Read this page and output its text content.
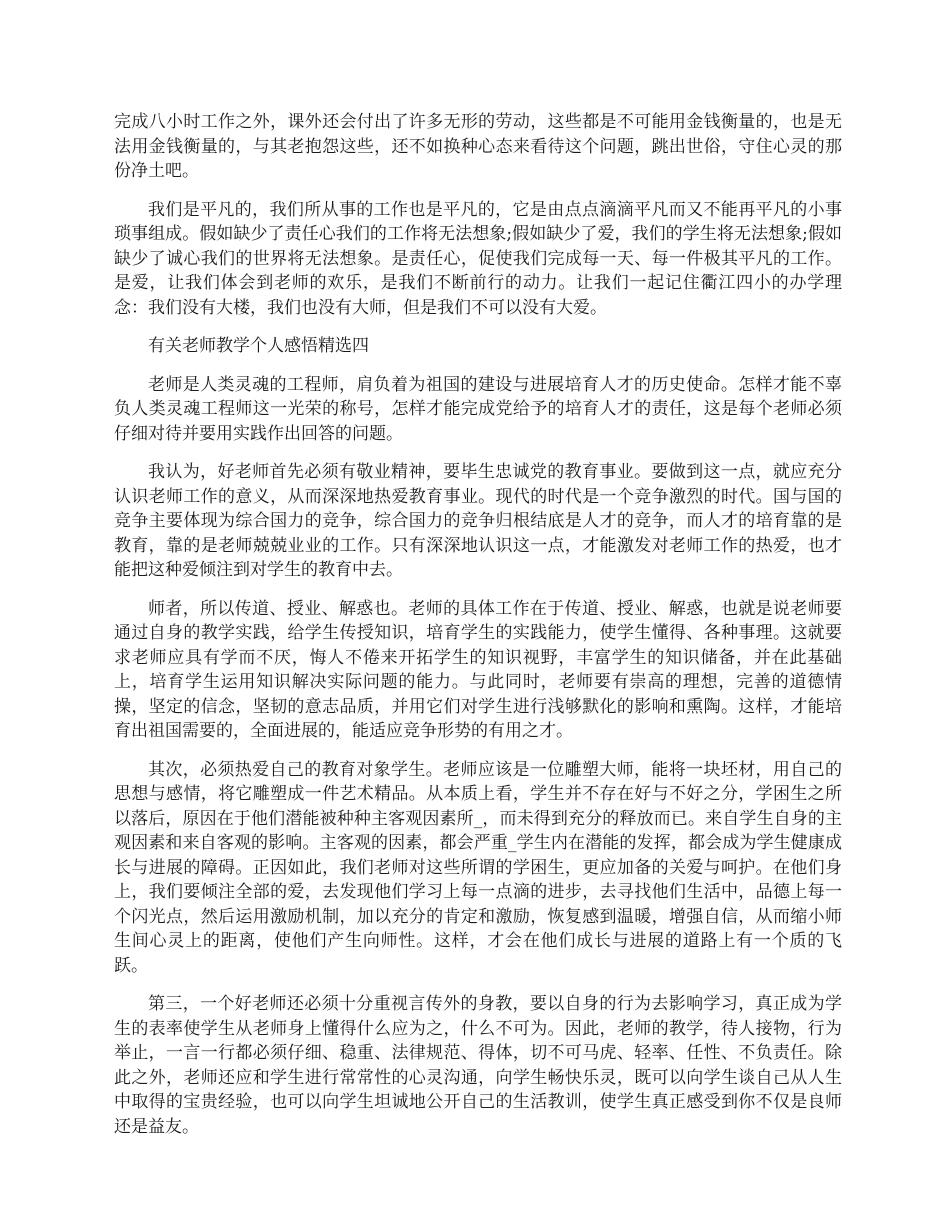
完成八小时工作之外，课外还会付出了许多无形的劳动，这些都是不可能用金钱衡量的，也是无法用金钱衡量的，与其老抱怨这些，还不如换种心态来看待这个问题，跳出世俗，守住心灵的那份净土吧。

我们是平凡的，我们所从事的工作也是平凡的，它是由点点滴滴平凡而又不能再平凡的小事琐事组成。假如缺少了责任心我们的工作将无法想象;假如缺少了爱，我们的学生将无法想象;假如缺少了诚心我们的世界将无法想象。是责任心，促使我们完成每一天、每一件极其平凡的工作。是爱，让我们体会到老师的欢乐，是我们不断前行的动力。让我们一起记住衢江四小的办学理念：我们没有大楼，我们也没有大师，但是我们不可以没有大爱。

有关老师教学个人感悟精选四

老师是人类灵魂的工程师，肩负着为祖国的建设与进展培育人才的历史使命。怎样才能不辜负人类灵魂工程师这一光荣的称号，怎样才能完成党给予的培育人才的责任，这是每个老师必须仔细对待并要用实践作出回答的问题。

我认为，好老师首先必须有敬业精神，要毕生忠诚党的教育事业。要做到这一点，就应充分认识老师工作的意义，从而深深地热爱教育事业。现代的时代是一个竞争激烈的时代。国与国的竞争主要体现为综合国力的竞争，综合国力的竞争归根结底是人才的竞争，而人才的培育靠的是教育，靠的是老师兢兢业业的工作。只有深深地认识这一点，才能激发对老师工作的热爱，也才能把这种爱倾注到对学生的教育中去。

师者，所以传道、授业、解惑也。老师的具体工作在于传道、授业、解惑，也就是说老师要通过自身的教学实践，给学生传授知识，培育学生的实践能力，使学生懂得、各种事理。这就要求老师应具有学而不厌，悔人不倦来开拓学生的知识视野，丰富学生的知识储备，并在此基础上，培育学生运用知识解决实际问题的能力。与此同时，老师要有崇高的理想，完善的道德情操，坚定的信念，坚韧的意志品质，并用它们对学生进行浅够默化的影响和熏陶。这样，才能培育出祖国需要的，全面进展的，能适应竞争形势的有用之才。

其次，必须热爱自己的教育对象学生。老师应该是一位雕塑大师，能将一块坯材，用自己的思想与感情，将它雕塑成一件艺术精品。从本质上看，学生并不存在好与不好之分，学困生之所以落后，原因在于他们潜能被种种主客观因素所_，而未得到充分的释放而已。来自学生自身的主观因素和来自客观的影响。主客观的因素，都会严重_学生内在潜能的发挥，都会成为学生健康成长与进展的障碍。正因如此，我们老师对这些所谓的学困生，更应加备的关爱与呵护。在他们身上，我们要倾注全部的爱，去发现他们学习上每一点滴的进步，去寻找他们生活中，品德上每一个闪光点，然后运用激励机制，加以充分的肯定和激励，恢复感到温暖，增强自信，从而缩小师生间心灵上的距离，使他们产生向师性。这样，才会在他们成长与进展的道路上有一个质的飞跃。

第三，一个好老师还必须十分重视言传外的身教，要以自身的行为去影响学习，真正成为学生的表率使学生从老师身上懂得什么应为之，什么不可为。因此，老师的教学，待人接物，行为举止，一言一行都必须仔细、稳重、法律规范、得体，切不可马虎、轻率、任性、不负责任。除此之外，老师还应和学生进行常常性的心灵沟通，向学生畅快乐灵，既可以向学生谈自己从人生中取得的宝贵经验，也可以向学生坦诚地公开自己的生活教训，使学生真正感受到你不仅是良师还是益友。
